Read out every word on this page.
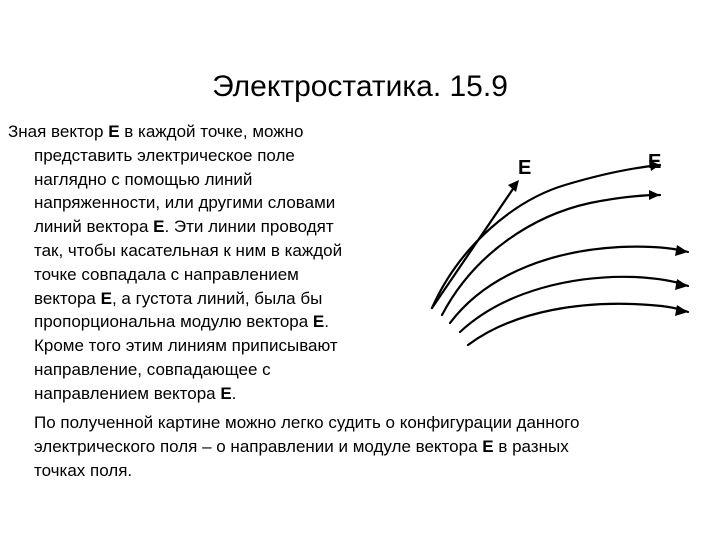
Электростатика. 15.9

Зная вектор E в каждой точке, можно

представить электрическое поле

наглядно с помощью линий

напряженности, или другими словами

линий вектора E. Эти линии проводят

так, чтобы касательная к ним в каждой

точке совпадала с направлением

вектора E, а густота линий, была бы

пропорциональна модулю вектора E.

Кроме того этим линиям приписывают

направление, совпадающее с

направлением вектора E.

E	E

По полученной картине можно легко судить о конфигурации данного

электрического поля – о направлении и модуле вектора E в разных

точках поля.
